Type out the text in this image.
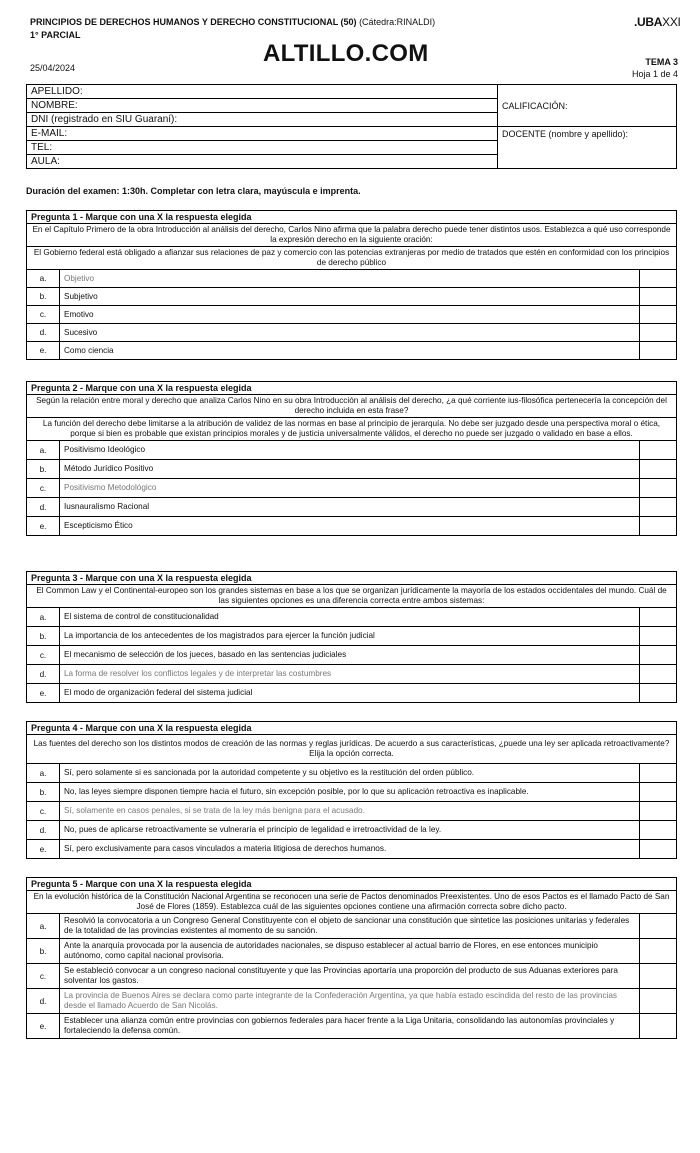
PRINCIPIOS DE DERECHOS HUMANOS Y DERECHO CONSTITUCIONAL (50) (Cátedra:RINALDI)
1° PARCIAL
25/04/2024
ALTILLO.COM
.UBAXXI
TEMA 3
Hoja 1 de 4
APELLIDO:	CALIFICACIÓN:
NOMBRE:	
DNI (registrado en SIU Guaraní):	
E-MAIL:	DOCENTE (nombre y apellido):
TEL:	
AULA:	
Duración del examen: 1:30h. Completar con letra clara, mayúscula e imprenta.
Pregunta 1 - Marque con una X la respuesta elegida
En el Capítulo Primero de la obra Introducción al análisis del derecho, Carlos Nino afirma que la palabra derecho puede tener distintos usos. Establezca a qué uso corresponde la expresión derecho en la siguiente oración:
El Gobierno federal está obligado a afianzar sus relaciones de paz y comercio con las potencias extranjeras por medio de tratados que estén en conformidad con los principios de derecho público
a.	Objetivo
b.	Subjetivo
c.	Emotivo
d.	Sucesivo
e.	Como ciencia
Pregunta 2 - Marque con una X la respuesta elegida
Según la relación entre moral y derecho que analiza Carlos Nino en su obra Introducción al análisis del derecho, ¿a qué corriente ius-filosófica pertenecería la concepción del derecho incluida en esta frase?
La función del derecho debe limitarse a la atribución de validez de las normas en base al principio de jerarquía. No debe ser juzgado desde una perspectiva moral o ética, porque si bien es probable que existan principios morales y de justicia universalmente válidos, el derecho no puede ser juzgado o validado en base a ellos.
a.	Positivismo Ideológico
b.	Método Jurídico Positivo
c.	Positivismo Metodológico
d.	Iusnauralismo Racional
e.	Escepticismo Ético
Pregunta 3 - Marque con una X la respuesta elegida
El Common Law y el Continental-europeo son los grandes sistemas en base a los que se organizan jurídicamente la mayoría de los estados occidentales del mundo. Cuál de las siguientes opciones es una diferencia correcta entre ambos sistemas:
a.	El sistema de control de constitucionalidad
b.	La importancia de los antecedentes de los magistrados para ejercer la función judicial
c.	El mecanismo de selección de los jueces, basado en las sentencias judiciales
d.	La forma de resolver los conflictos legales y de interpretar las costumbres
e.	El modo de organización federal del sistema judicial
Pregunta 4 - Marque con una X la respuesta elegida
Las fuentes del derecho son los distintos modos de creación de las normas y reglas jurídicas. De acuerdo a sus características, ¿puede una ley ser aplicada retroactivamente? Elija la opción correcta.
a.	Sí, pero solamente si es sancionada por la autoridad competente y su objetivo es la restitución del orden público.
b.	No, las leyes siempre disponen tiempre hacia el futuro, sin excepción posible, por lo que su aplicación retroactiva es inaplicable.
c.	Sí, solamente en casos penales, si se trata de la ley más benigna para el acusado.
d.	No, pues de aplicarse retroactivamente se vulneraría el principio de legalidad e irretroactividad de la ley.
e.	Sí, pero exclusivamente para casos vinculados a materia litigiosa de derechos humanos.
Pregunta 5 - Marque con una X la respuesta elegida
En la evolución histórica de la Constitución Nacional Argentina se reconocen una serie de Pactos denominados Preexistentes. Uno de esos Pactos es el llamado Pacto de San José de Flores (1859). Establezca cuál de las siguientes opciones contiene una afirmación correcta sobre dicho pacto.
a.
Resolvió la convocatoria a un Congreso General Constituyente con el objeto de sancionar una constitución que sintetice las posiciones unitarias y federales de la totalidad de las provincias existentes al momento de su sanción.
b.
Ante la anarquía provocada por la ausencia de autoridades nacionales, se dispuso establecer al actual barrio de Flores, en ese entonces municipio autónomo, como capital nacional provisoria.
c.
Se estableció convocar a un congreso nacional constituyente y que las Provincias aportaría una proporción del producto de sus Aduanas exteriores para solventar los gastos.
d.
La provincia de Buenos Aires se declara como parte integrante de la Confederación Argentina, ya que había estado escindida del resto de las provincias desde el llamado Acuerdo de San Nicolás.
e.
Establecer una alianza común entre provincias con gobiernos federales para hacer frente a la Liga Unitaria, consolidando las autonomías provinciales y fortaleciendo la defensa común.
